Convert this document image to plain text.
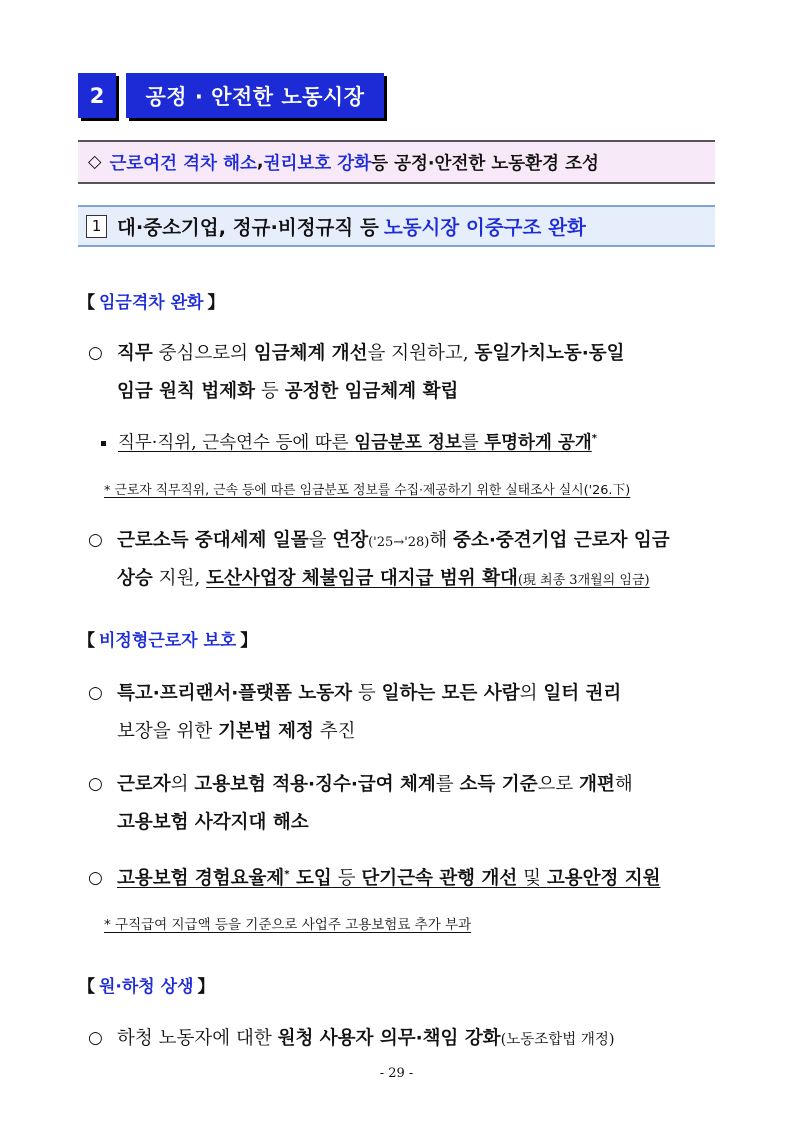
2	공정 · 안전한 노동시장
◇ 근로여건 격차 해소 , 권리보호 강화 등 공정·안전한 노동환경 조성
1 대·중소기업, 정규·비정규직 등 노동시장 이중구조 완화
【 임금격차 완화 】
○ 직무 중심으로의 임금체계 개선을 지원하고, 동일가치노동·동일
임금 원칙 법제화 등 공정한 임금체계 확립
직무·직위, 근속연수 등에 따른 임금분포 정보를 투명하게 공개*
* 근로자 직무직위, 근속 등에 따른 임금분포 정보를 수집·제공하기 위한 실태조사 실시('26.下)
○ 근로소득 중대세제 일몰을 연장('25→'28)해 중소·중견기업 근로자 임금
상승 지원, 도산사업장 체불임금 대지급 범위 확대(現 최종 3개월의 임금)
【 비정형근로자 보호 】
○ 특고·프리랜서·플랫폼 노동자 등 일하는 모든 사람의 일터 권리
보장을 위한 기본법 제정 추진
○ 근로자의 고용보험 적용·징수·급여 체계를 소득 기준으로 개편해
고용보험 사각지대 해소
○ 고용보험 경험요율제* 도입 등 단기근속 관행 개선 및 고용안정 지원
* 구직급여 지급액 등을 기준으로 사업주 고용보험료 추가 부과
【 원·하청 상생 】
○ 하청 노동자에 대한 원청 사용자 의무·책임 강화(노동조합법 개정)
- 29 -
